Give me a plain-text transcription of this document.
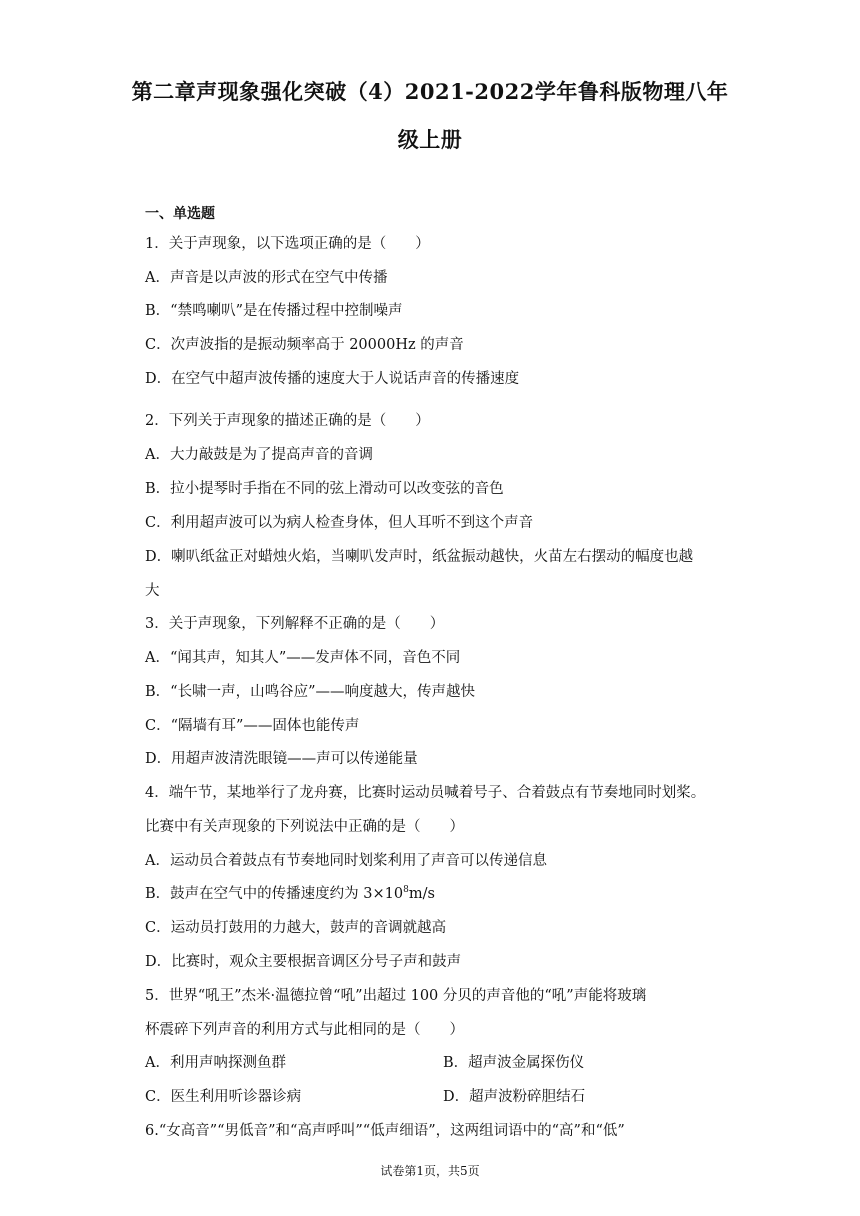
第二章声现象强化突破（4）2021-2022学年鲁科版物理八年
级上册
一、单选题
1．关于声现象，以下选项正确的是（　　）
A．声音是以声波的形式在空气中传播
B．“禁鸣喇叭”是在传播过程中控制噪声
C．次声波指的是振动频率高于 20000Hz 的声音
D．在空气中超声波传播的速度大于人说话声音的传播速度
2．下列关于声现象的描述正确的是（　　）
A．大力敲鼓是为了提高声音的音调
B．拉小提琴时手指在不同的弦上滑动可以改变弦的音色
C．利用超声波可以为病人检查身体，但人耳听不到这个声音
D．喇叭纸盆正对蜡烛火焰，当喇叭发声时，纸盆振动越快，火苗左右摆动的幅度也越
大
3．关于声现象，下列解释不正确的是（　　）
A．“闻其声，知其人”——发声体不同，音色不同
B．“长啸一声，山鸣谷应”——响度越大，传声越快
C．“隔墙有耳”——固体也能传声
D．用超声波清洗眼镜——声可以传递能量
4．端午节，某地举行了龙舟赛，比赛时运动员喊着号子、合着鼓点有节奏地同时划桨。
比赛中有关声现象的下列说法中正确的是（　　）
A．运动员合着鼓点有节奏地同时划桨利用了声音可以传递信息
B．鼓声在空气中的传播速度约为 $3\times 10^8m/s$
C．运动员打鼓用的力越大，鼓声的音调就越高
D．比赛时，观众主要根据音调区分号子声和鼓声
5．世界“吼王”杰米·温德拉曾“吼”出超过 100 分贝的声音他的“吼”声能将玻璃
杯震碎下列声音的利用方式与此相同的是（　　）
A．利用声呐探测鱼群	B．超声波金属探伤仪
C．医生利用听诊器诊病	D．超声波粉碎胆结石
6.“女高音”“男低音”和“高声呼叫”“低声细语”，这两组词语中的“高”和“低”
试卷第1页，共5页
